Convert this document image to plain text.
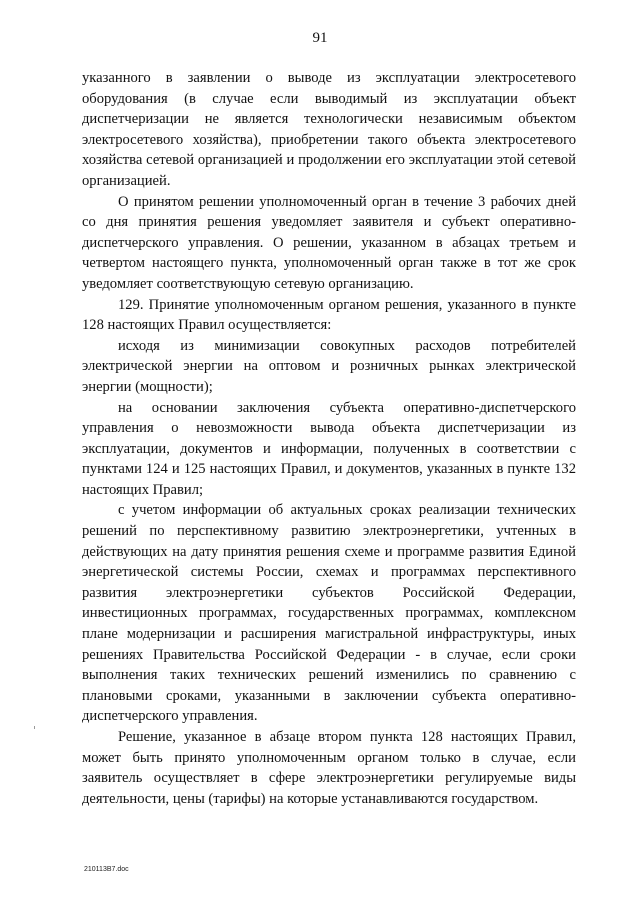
91

указанного в заявлении о выводе из эксплуатации электросетевого оборудования (в случае если выводимый из эксплуатации объект диспетчеризации не является технологически независимым объектом электросетевого хозяйства), приобретении такого объекта электросетевого хозяйства сетевой организацией и продолжении его эксплуатации этой сетевой организацией.

О принятом решении уполномоченный орган в течение 3 рабочих дней со дня принятия решения уведомляет заявителя и субъект оперативно-диспетчерского управления. О решении, указанном в абзацах третьем и четвертом настоящего пункта, уполномоченный орган также в тот же срок уведомляет соответствующую сетевую организацию.

129. Принятие уполномоченным органом решения, указанного в пункте 128 настоящих Правил осуществляется:

исходя из минимизации совокупных расходов потребителей электрической энергии на оптовом и розничных рынках электрической энергии (мощности);

на основании заключения субъекта оперативно-диспетчерского управления о невозможности вывода объекта диспетчеризации из эксплуатации, документов и информации, полученных в соответствии с пунктами 124 и 125 настоящих Правил, и документов, указанных в пункте 132 настоящих Правил;

с учетом информации об актуальных сроках реализации технических решений по перспективному развитию электроэнергетики, учтенных в действующих на дату принятия решения схеме и программе развития Единой энергетической системы России, схемах и программах перспективного развития электроэнергетики субъектов Российской Федерации, инвестиционных программах, государственных программах, комплексном плане модернизации и расширения магистральной инфраструктуры, иных решениях Правительства Российской Федерации - в случае, если сроки выполнения таких технических решений изменились по сравнению с плановыми сроками, указанными в заключении субъекта оперативно-диспетчерского управления.

Решение, указанное в абзаце втором пункта 128 настоящих Правил, может быть принято уполномоченным органом только в случае, если заявитель осуществляет в сфере электроэнергетики регулируемые виды деятельности, цены (тарифы) на которые устанавливаются государством.

210113B7.doc
